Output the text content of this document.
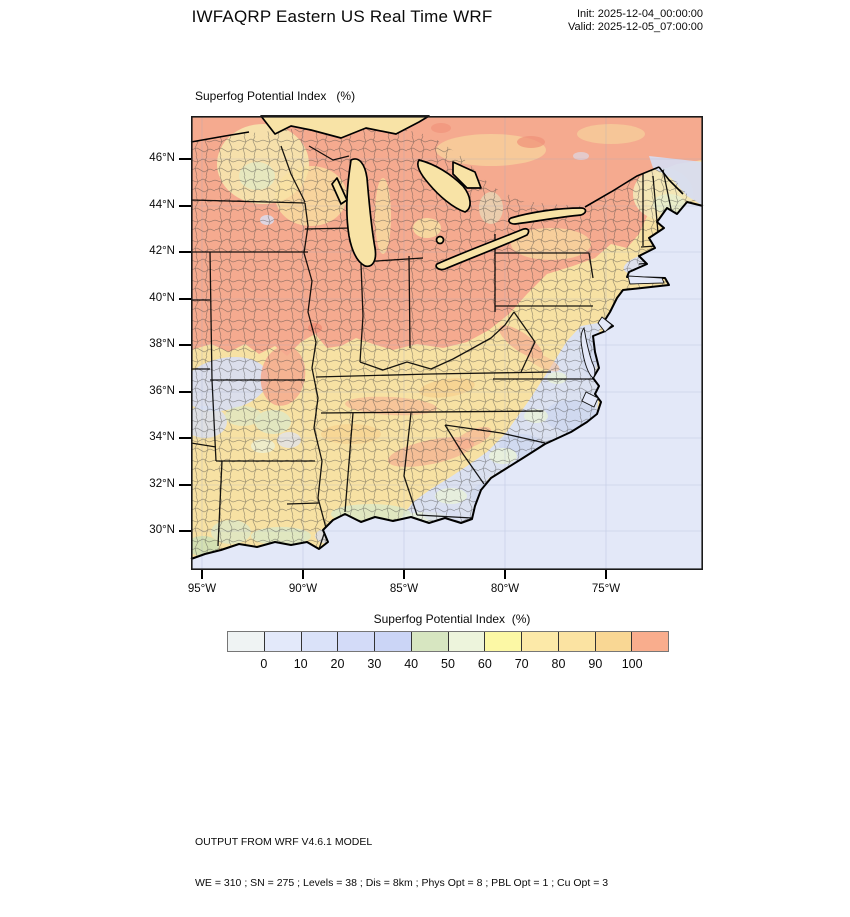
IWFAQRP Eastern US Real Time WRF	Init: 2025-12-04_00:00:00
Valid: 2025-12-05_07:00:00
Superfog Potential Index   (%)
46°N
44°N
42°N
40°N
38°N
36°N
34°N
32°N
30°N
95°W	90°W	85°W	80°W	75°W
0	10	20	30	40	50	60	70	80	90	100
Superfog Potential Index  (%)

OUTPUT FROM WRF V4.6.1 MODEL

WE = 310 ; SN = 275 ; Levels = 38 ; Dis = 8km ; Phys Opt = 8 ; PBL Opt = 1 ; Cu Opt = 3
